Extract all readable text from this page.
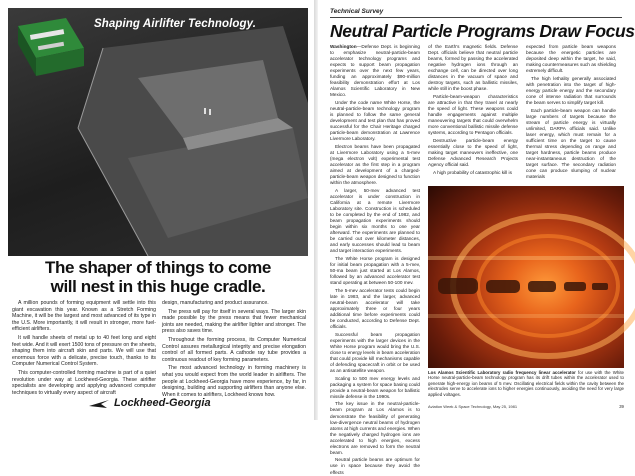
Shaping Airlifter Technology.
The shaper of things to come
will nest in this huge cradle.

A million pounds of forming equipment will settle into this giant excavation this year. Known as a Stretch Forming Machine, it will be the largest and most advanced of its type in the U.S. More importantly, it will result in stronger, more fuel-efficient airlifters.

It will handle sheets of metal up to 40 feet long and eight feet wide. And it will exert 1500 tons of pressure on the sheets, shaping them into aircraft skin and parts. We will use that enormous force with a delicate, precise touch, thanks to its Computer Numerical Control System.

This computer-controlled forming machine is part of a quiet revolution under way at Lockheed-Georgia. These airlifter specialists are developing and applying advanced computer techniques to virtually every aspect of aircraft

design, manufacturing and product assurance.

The press will pay for itself in several ways. The larger skin made possible by the press means that fewer mechanical joints are needed, making the airlifter lighter and stronger. The press also saves time.

Throughout the forming process, its Computer Numerical Control assures metallurgical integrity and precise elongation control of all formed parts. A cathode ray tube provides a continuous readout of key forming parameters.

The most advanced technology in forming machinery is what you would expect from the world leader in airlifters. The people at Lockheed-Georgia have more experience, by far, in designing, building and supporting airlifters than anyone else. When it comes to airlifters, Lockheed knows how.

Lockheed-Georgia
Technical Survey
Neutral Particle Programs Draw Focus

Washington—Defense Dept. is beginning to emphasize neutral-particle-beam accelerator technology programs and expects to support beam propagation experiments over the next few years, funding an approximately $90-million feasibility demonstration effort at Los Alamos Scientific Laboratory in New Mexico.

Under the code name White Horse, the neutral-particle-beam technology program is planned to follow the same general development and test plan that has proved successful for the Chair Heritage charged particle-beam demonstration at Lawrence Livermore Laboratory.

Electron beams have been propagated at Livermore Laboratory using a 5-mev (mega electron volt) experimental test accelerator as the first step in a program aimed at development of a charged-particle-beam weapon designed to function within the atmosphere.

A larger, 50-mev advanced test accelerator is under construction in California at a remote Livermore Laboratory site. Construction is scheduled to be completed by the end of 1982, and beam propagation experiments should begin within six months to one year afterward. The experiments are planned to be carried out over kilometer distances, and early successes should lead to beam and target interaction experiments.

The White Horse program is designed for initial beam propagation with a 5-mev, 50-ma beam just started at Los Alamos, followed by an advanced accelerator test stand operating at between 50-100 mev.

The 5-mev accelerator tests could begin late in 1983, and the larger, advanced neutral-beam accelerator will take approximately three or four years additional time before experiments could be conducted, according to Defense Dept. officials.

Successful beam propagation experiments with the larger devices in the White Horse program would bring the U.S. close to energy levels in beam acceleration that could provide kill mechanisms capable of defending spacecraft in orbit or be used as an antisatellite weapon.

Scaling to 500 mev energy levels and packaging a system for space basing could provide a neutral-beam weapon for ballistic missile defense in the 1990s.

The key issue in the neutral-particle-beam program at Los Alamos is to demonstrate the feasibility of generating low-divergence neutral beams of hydrogen atoms at high currents and energies. When the negatively charged hydrogen ions are accelerated to high energies, excess electrons are removed to form the neutral beam.

Neutral particle beams are optimum for use in space because they avoid the effects

of the Earth's magnetic fields. Defense Dept. officials believe that neutral particle beams, formed by passing the accelerated negative hydrogen ions through an exchange cell, can be directed over long distances in the vacuum of space and destroy targets, such as ballistic missiles, while still in the boost phase.

Particle-beam-weapon characteristics are attractive in that they travel at nearly the speed of light. These weapons could handle engagements against multiple maneuvering targets that could overwhelm more conventional ballistic missile defense systems, according to Pentagon officials.

Destructive particle-beam energy essentially close to the speed of light, making target maneuvers ineffective, one Defense Advanced Research Projects Agency official said.

A high probability of catastrophic kill is

expected from particle beam weapons because the energetic particles are deposited deep within the target, he said, making countermeasures such as shielding extremely difficult.

The high lethality generally associated with penetration into the target of high-energy particle energy and the secondary cone of intense radiation that surrounds the beam serves to simplify target kill.

Each particle-beam weapon can handle large numbers of targets because the stream of particle energy is virtually unlimited, DARPA officials said. Unlike laser energy, which must remain for a sufficient time on the target to cause thermal stress depending on range and target hardness, particle beams produce near-instantaneous destruction of the target surface. The secondary radiation cone can produce slumping of nuclear materials

Los Alamos Scientific Laboratory radio frequency linear accelerator for use with the White Horse neutral-particle-beam technology program has its drift tubes within the accelerator used to generate high-energy ion beams of 5 mev. Oscillating electrical fields within the cavity between the electrodes serve to accelerate ions to higher energies continuously, avoiding the need for very large applied voltages.
Aviation Week & Space Technology, May 25, 1981	39
